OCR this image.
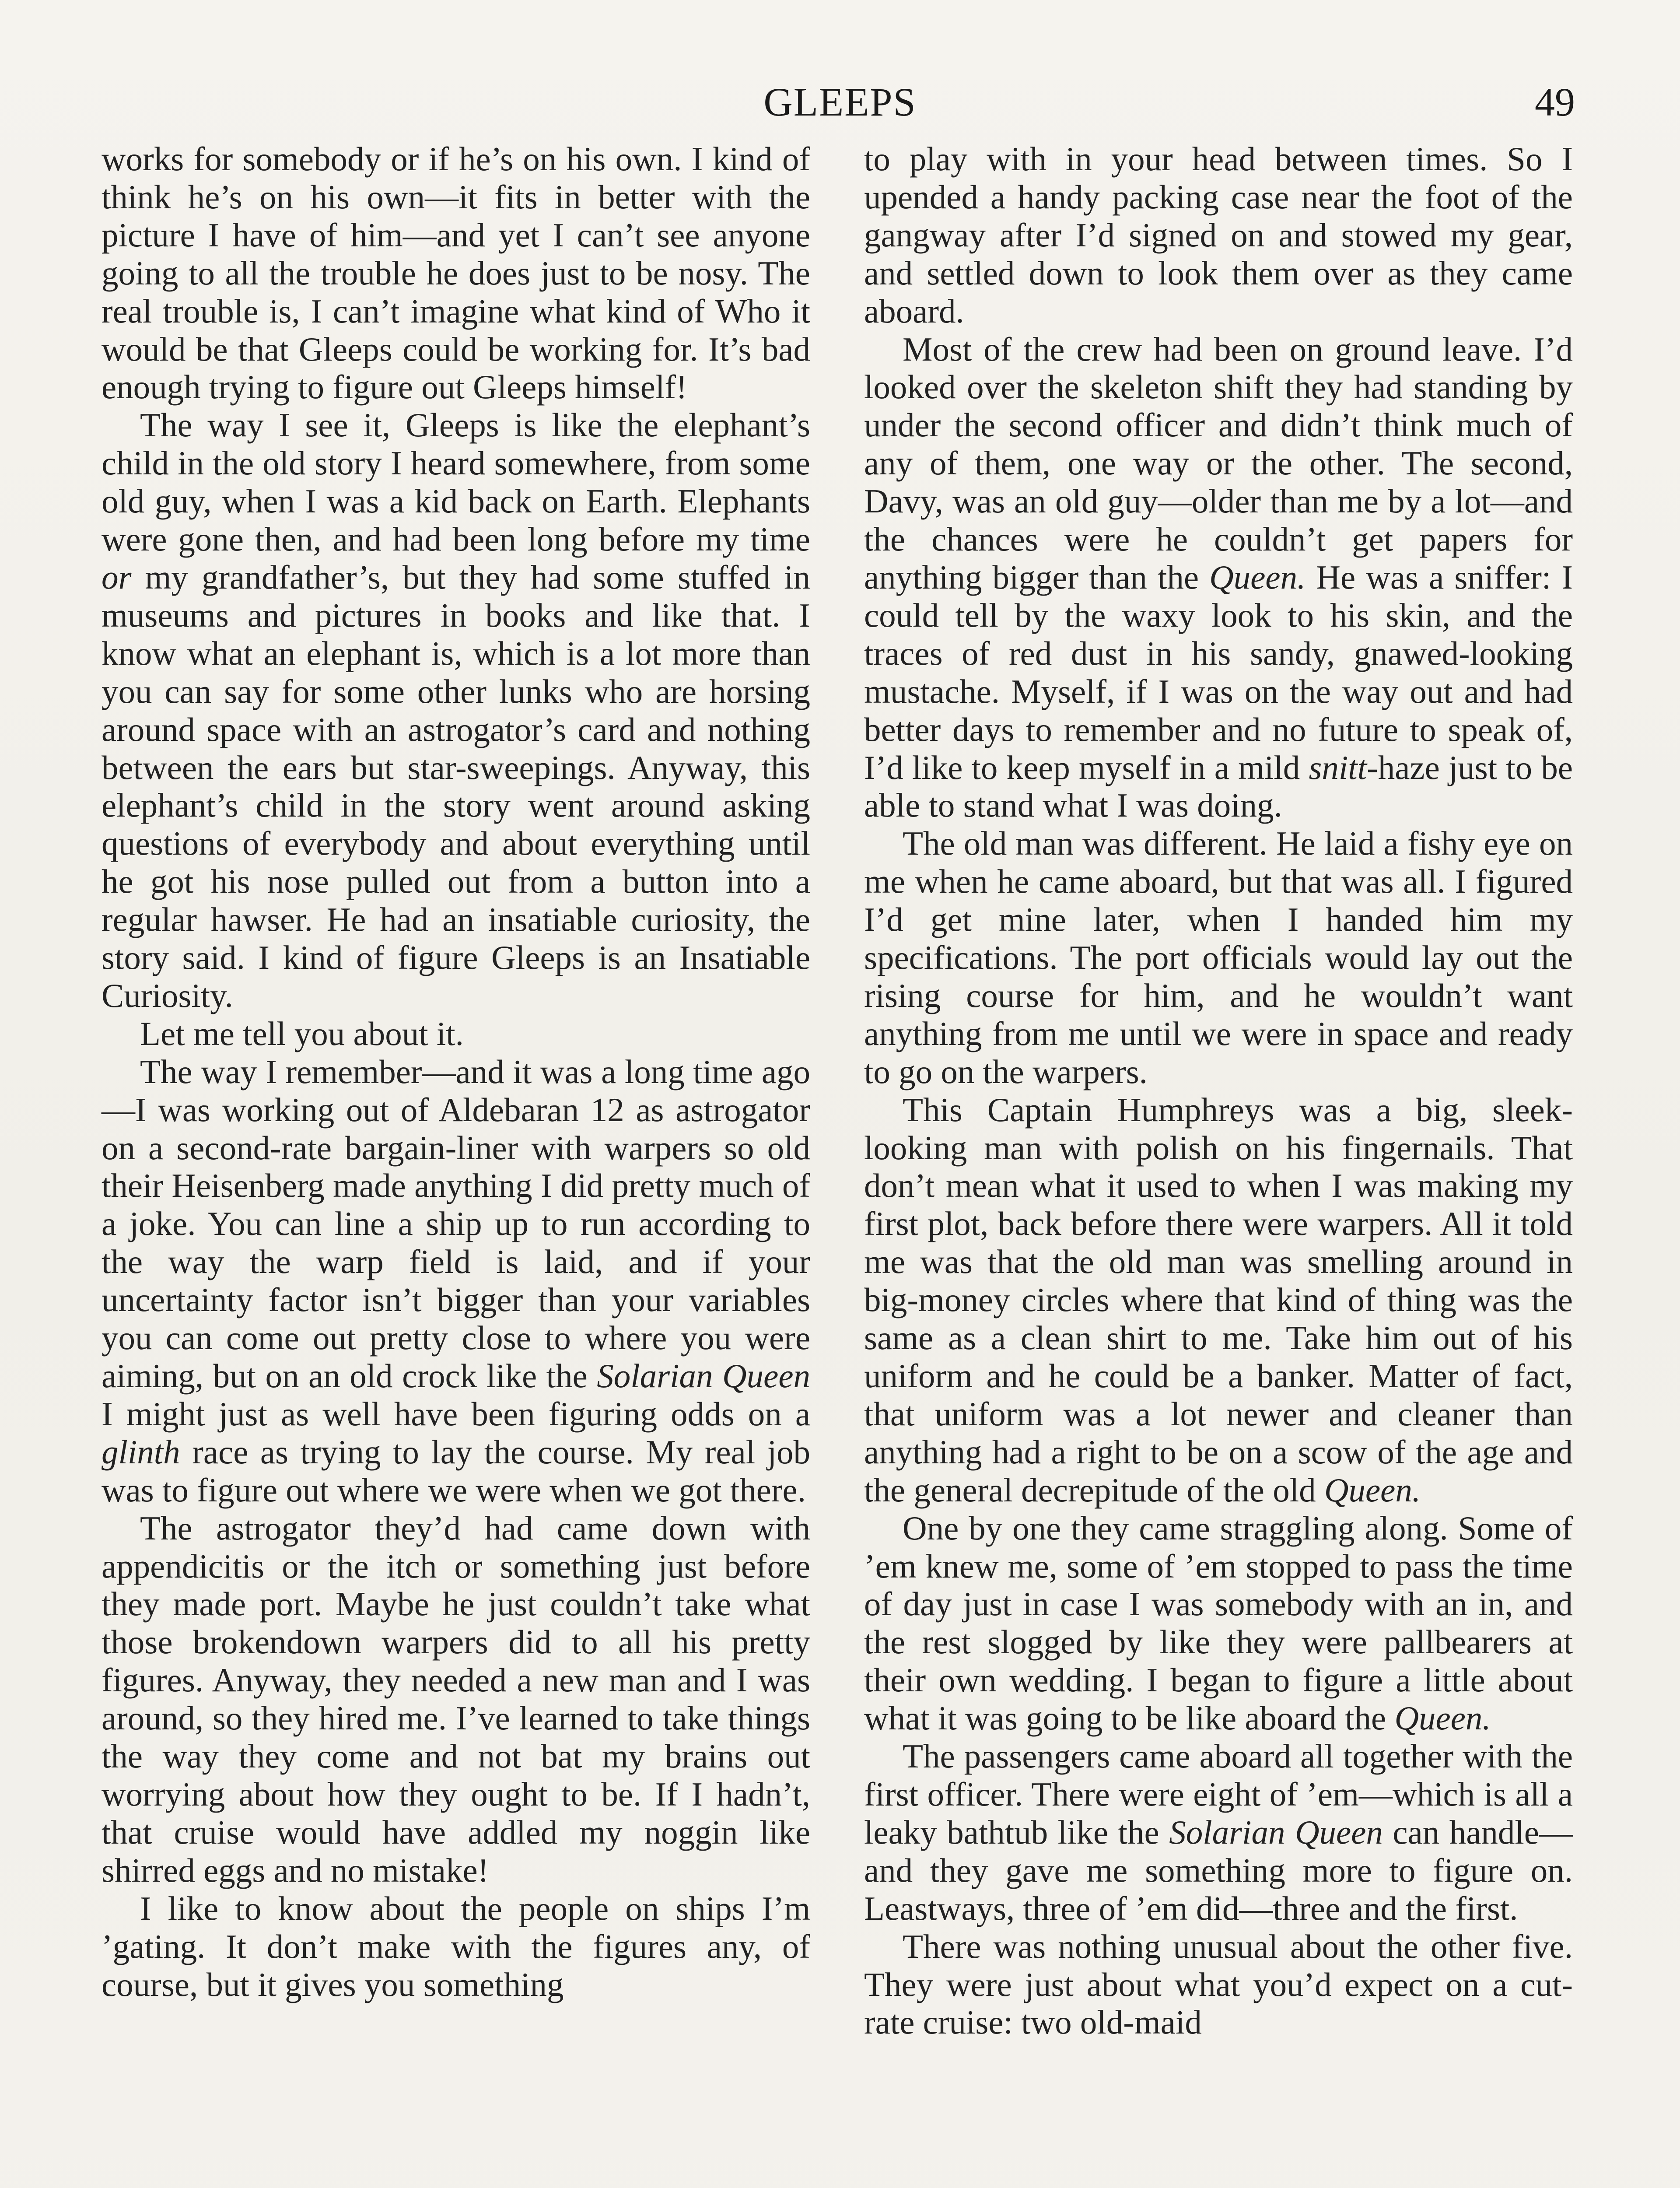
GLEEPS	49

works for somebody or if he’s on his own. I kind of think he’s on his own—it fits in better with the picture I have of him—and yet I can’t see anyone going to all the trouble he does just to be nosy. The real trouble is, I can’t imagine what kind of Who it would be that Gleeps could be working for. It’s bad enough trying to figure out Gleeps himself!

The way I see it, Gleeps is like the elephant’s child in the old story I heard somewhere, from some old guy, when I was a kid back on Earth. Elephants were gone then, and had been long before my time or my grandfather’s, but they had some stuffed in museums and pictures in books and like that. I know what an elephant is, which is a lot more than you can say for some other lunks who are horsing around space with an astrogator’s card and nothing between the ears but star-sweepings. Anyway, this elephant’s child in the story went around asking questions of everybody and about everything until he got his nose pulled out from a button into a regular hawser. He had an insatiable curiosity, the story said. I kind of figure Gleeps is an Insatiable Curiosity.

Let me tell you about it.

The way I remember—and it was a long time ago—I was working out of Aldebaran 12 as astrogator on a second-rate bargain-liner with warpers so old their Heisenberg made anything I did pretty much of a joke. You can line a ship up to run according to the way the warp field is laid, and if your uncertainty factor isn’t bigger than your variables you can come out pretty close to where you were aiming, but on an old crock like the Solarian Queen I might just as well have been figuring odds on a glinth race as trying to lay the course. My real job was to figure out where we were when we got there.

The astrogator they’d had came down with appendicitis or the itch or something just before they made port. Maybe he just couldn’t take what those brokendown warpers did to all his pretty figures. Anyway, they needed a new man and I was around, so they hired me. I’ve learned to take things the way they come and not bat my brains out worrying about how they ought to be. If I hadn’t, that cruise would have addled my noggin like shirred eggs and no mistake!

I like to know about the people on ships I’m ’gating. It don’t make with the figures any, of course, but it gives you something

to play with in your head between times. So I upended a handy packing case near the foot of the gangway after I’d signed on and stowed my gear, and settled down to look them over as they came aboard.

Most of the crew had been on ground leave. I’d looked over the skeleton shift they had standing by under the second officer and didn’t think much of any of them, one way or the other. The second, Davy, was an old guy—older than me by a lot—and the chances were he couldn’t get papers for anything bigger than the Queen. He was a sniffer: I could tell by the waxy look to his skin, and the traces of red dust in his sandy, gnawed-looking mustache. Myself, if I was on the way out and had better days to remember and no future to speak of, I’d like to keep myself in a mild snitt-haze just to be able to stand what I was doing.

The old man was different. He laid a fishy eye on me when he came aboard, but that was all. I figured I’d get mine later, when I handed him my specifications. The port officials would lay out the rising course for him, and he wouldn’t want anything from me until we were in space and ready to go on the warpers.

This Captain Humphreys was a big, sleek-looking man with polish on his fingernails. That don’t mean what it used to when I was making my first plot, back before there were warpers. All it told me was that the old man was smelling around in big-money circles where that kind of thing was the same as a clean shirt to me. Take him out of his uniform and he could be a banker. Matter of fact, that uniform was a lot newer and cleaner than anything had a right to be on a scow of the age and the general decrepitude of the old Queen.

One by one they came straggling along. Some of ’em knew me, some of ’em stopped to pass the time of day just in case I was somebody with an in, and the rest slogged by like they were pallbearers at their own wedding. I began to figure a little about what it was going to be like aboard the Queen.

The passengers came aboard all together with the first officer. There were eight of ’em—which is all a leaky bathtub like the Solarian Queen can handle—and they gave me something more to figure on. Leastways, three of ’em did—three and the first.

There was nothing unusual about the other five. They were just about what you’d expect on a cut-rate cruise: two old-maid
